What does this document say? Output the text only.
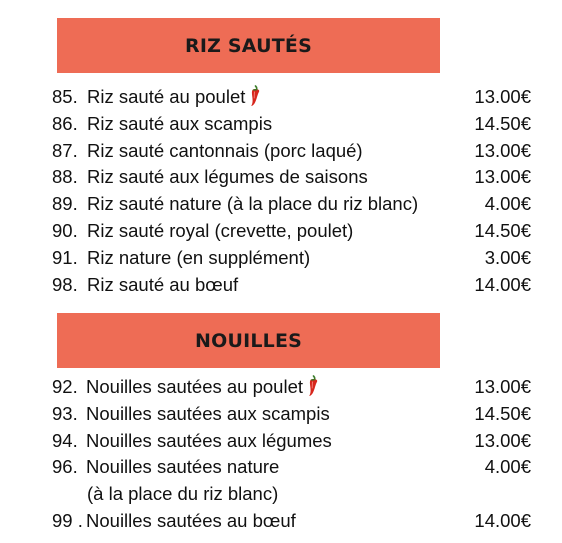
RIZ SAUTÉS
85. Riz sauté au poulet	13.00€
86. Riz sauté aux scampis	14.50€
87. Riz sauté cantonnais (porc laqué)	13.00€
88. Riz sauté aux légumes de saisons	13.00€
89. Riz sauté nature (à la place du riz blanc)	4.00€
90. Riz sauté royal (crevette, poulet)	14.50€
91. Riz nature (en supplément)	3.00€
98. Riz sauté au bœuf	14.00€
NOUILLES
92. Nouilles sautées au poulet	13.00€
93. Nouilles sautées aux scampis	14.50€
94. Nouilles sautées aux légumes	13.00€
96. Nouilles sautées nature	4.00€
(à la place du riz blanc)
99 . Nouilles sautées au bœuf	14.00€
